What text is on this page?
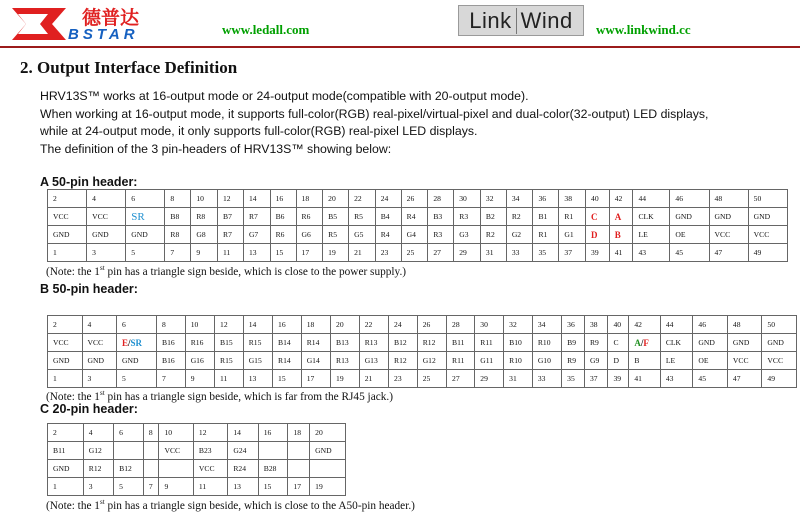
德普达
BSTAR	www.ledall.com	Link Wind www.linkwind.cc
2. Output Interface Definition
HRV13S™ works at 16-output mode or 24-output mode(compatible with 20-output mode).
When working at 16-output mode, it supports full-color(RGB) real-pixel/virtual-pixel and dual-color(32-output) LED displays,
while at 24-output mode, it only supports full-color(RGB) real-pixel LED displays.
The definition of the 3 pin-headers of HRV13S™ showing below:
A 50-pin header:
2	4	6	8	10	12	14	16	18	20	22	24	26	28	30	32	34	36	38	40	42	44	46	48	50
VCC	VCC	SR	B8	R8	B7	R7	B6	R6	B5	R5	B4	R4	B3	R3	B2	R2	B1	R1	C	A	CLK	GND	GND	GND
GND	GND	GND	R8	G8	R7	G7	R6	G6	R5	G5	R4	G4	R3	G3	R2	G2	R1	G1	D	B	LE	OE	VCC	VCC
1	3	5	7	9	11	13	15	17	19	21	23	25	27	29	31	33	35	37	39	41	43	45	47	49
(Note: the 1st pin has a triangle sign beside, which is close to the power supply.)
B 50-pin header:
2	4	6	8	10	12	14	16	18	20	22	24	26	28	30	32	34	36	38	40	42	44	46	48	50
VCC	VCC	E/SR	B16	R16	B15	R15	B14	R14	B13	R13	B12	R12	B11	R11	B10	R10	B9	R9	C	A/F	CLK	GND	GND	GND
GND	GND	GND	B16	G16	R15	G15	R14	G14	R13	G13	R12	G12	R11	G11	R10	G10	R9	G9	D	B	LE	OE	VCC	VCC
1	3	5	7	9	11	13	15	17	19	21	23	25	27	29	31	33	35	37	39	41	43	45	47	49
(Note: the 1st pin has a triangle sign beside, which is far from the RJ45 jack.)
C 20-pin header:
2	4	6	8	10	12	14	16	18	20
B11	G12			VCC	B23	G24			GND
GND	R12	B12			VCC	R24	B28		
1	3	5	7	9	11	13	15	17	19
(Note: the 1st pin has a triangle sign beside, which is close to the A50-pin header.)
